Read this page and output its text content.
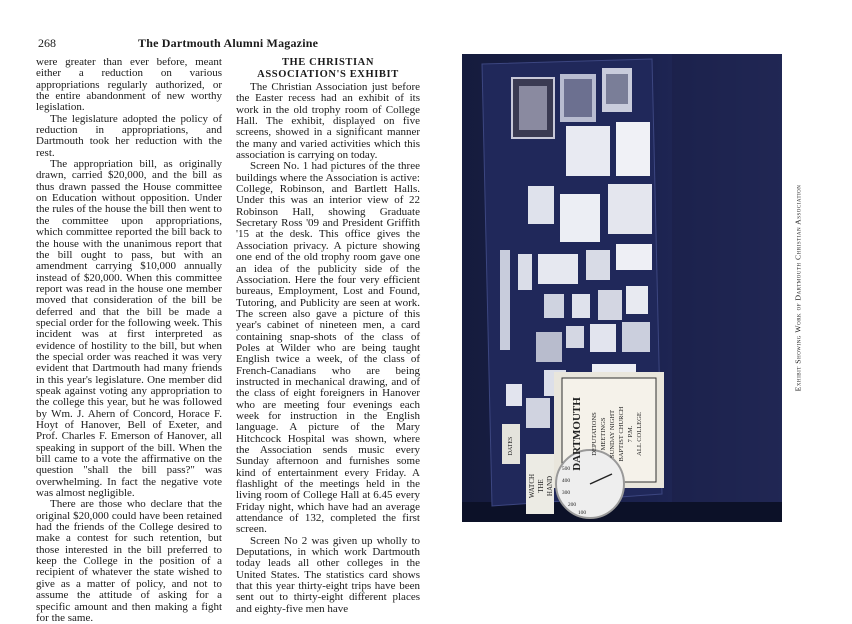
268	The Dartmouth Alumni Magazine

were greater than ever before, meant either a reduction on various appropriations regularly authorized, or the entire abandonment of new worthy legislation.

The legislature adopted the policy of reduction in appropriations, and Dartmouth took her reduction with the rest.

The appropriation bill, as originally drawn, carried $20,000, and the bill as thus drawn passed the House committee on Education without opposition. Under the rules of the house the bill then went to the committee upon appropriations, which committee reported the bill back to the house with the unanimous report that the bill ought to pass, but with an amendment carrying $10,000 annually instead of $20,000. When this committee report was read in the house one member moved that consideration of the bill be deferred and that the bill be made a special order for the following week. This incident was at first interpreted as evidence of hostility to the bill, but when the special order was reached it was very evident that Dartmouth had many friends in this year's legislature. One member did speak against voting any appropriation to the college this year, but he was followed by Wm. J. Ahern of Concord, Horace F. Hoyt of Hanover, Bell of Exeter, and Prof. Charles F. Emerson of Hanover, all speaking in support of the bill. When the bill came to a vote the affirmative on the question "shall the bill pass?" was overwhelming. In fact the negative vote was almost negligible.

There are those who declare that the original $20,000 could have been retained had the friends of the College desired to make a contest for such retention, but those interested in the bill preferred to keep the College in the position of a recipient of whatever the state wished to give as a matter of policy, and not to assume the attitude of asking for a specific amount and then making a fight for the same.

THE CHRISTIAN ASSOCIATION'S EXHIBIT

The Christian Association just before the Easter recess had an exhibit of its work in the old trophy room of College Hall. The exhibit, displayed on five screens, showed in a significant manner the many and varied activities which this association is carrying on today.

Screen No. 1 had pictures of the three buildings where the Association is active: College, Robinson, and Bartlett Halls. Under this was an interior view of 22 Robinson Hall, showing Graduate Secretary Ross '09 and President Griffith '15 at the desk. This office gives the Association privacy. A picture showing one end of the old trophy room gave one an idea of the publicity side of the Association. Here the four very efficient bureaus, Employment, Lost and Found, Tutoring, and Publicity are seen at work. The screen also gave a picture of this year's cabinet of nineteen men, a card containing snap-shots of the class of Poles at Wilder who are being taught English twice a week, of the class of French-Canadians who are being instructed in mechanical drawing, and of the class of eight foreigners in Hanover who are meeting four evenings each week for instruction in the English language. A picture of the Mary Hitchcock Hospital was shown, where the Association sends music every Sunday afternoon and furnishes some kind of entertainment every Friday. A flashlight of the meetings held in the living room of College Hall at 6.45 every Friday night, which have had an average attendance of 132, completed the first screen.

Screen No 2 was given up wholly to Deputations, in which work Dartmouth today leads all other colleges in the United States. The statistics card shows that this year thirty-eight trips have been sent out to thirty-eight different places and eighty-five men have

DARTMOUTH DEPUTATIONS MEETINGS SUNDAY NIGHT BAPTIST CHURCH 7 P.M. ALL COLLEGE
WATCH THE HAND
DATES
500
400
300
200
100
Exhibit Showing Work of Dartmouth Christian Association
